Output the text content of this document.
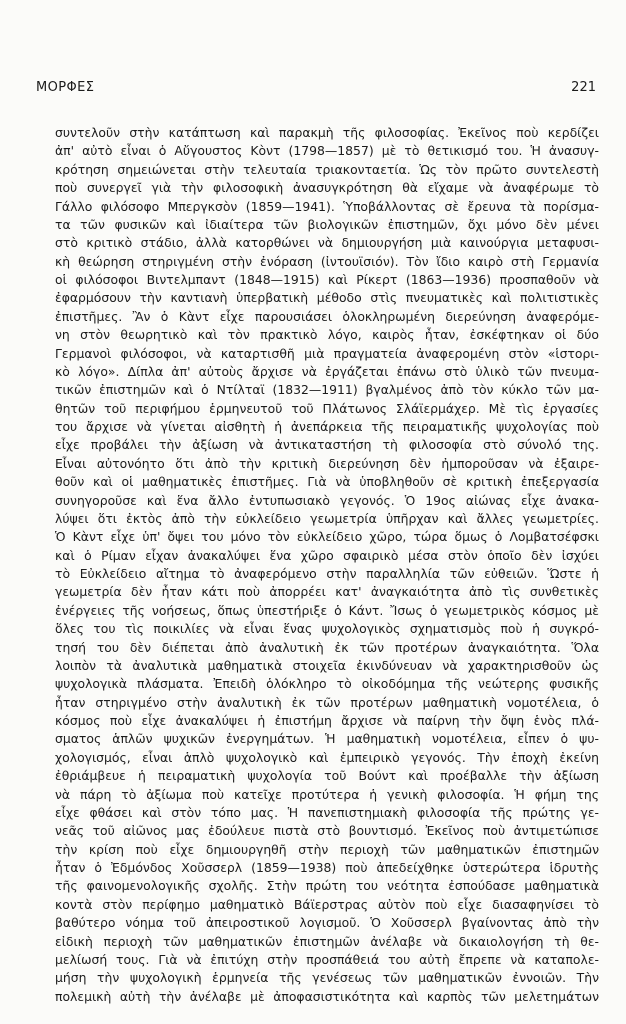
ΜΟΡΦΕΣ	221
συντελοῦν στὴν κατάπτωση καὶ παρακμὴ τῆς φιλοσοφίας. Ἐκεῖνος ποὺ κερδίζει
ἀπ' αὐτὸ εἶναι ὁ Αὔγουστος Κὸντ (1798—1857) μὲ τὸ θετικισμό του. Ἡ ἀνασυγ-
κρότηση σημειώνεται στὴν τελευταία τριακονταετία. Ὡς τὸν πρῶτο συντελεστὴ
ποὺ συνεργεῖ γιὰ τὴν φιλοσοφικὴ ἀνασυγκρότηση θὰ εἴχαμε νὰ ἀναφέρωμε τὸ
Γάλλο φιλόσοφο Μπεργκσὸν (1859—1941). Ὑποβάλλοντας σὲ ἔρευνα τὰ πορίσμα-
τα τῶν φυσικῶν καὶ ἰδιαίτερα τῶν βιολογικῶν ἐπιστημῶν, ὄχι μόνο δὲν μένει
στὸ κριτικὸ στάδιο, ἀλλὰ κατορθώνει νὰ δημιουργήση μιὰ καινούργια μεταφυσι-
κὴ θεώρηση στηριγμένη στὴν ἐνόραση (ἰντουϊσιόν). Τὸν ἴδιο καιρὸ στὴ Γερμανία
οἱ φιλόσοφοι Βιντελμπαντ (1848—1915) καὶ Ρίκερτ (1863—1936) προσπαθοῦν νὰ
ἐφαρμόσουν τὴν καντιανὴ ὑπερβατικὴ μέθοδο στὶς πνευματικὲς καὶ πολιτιστικὲς
ἐπιστῆμες. Ἂν ὁ Κὰντ εἶχε παρουσιάσει ὁλοκληρωμένη διερεύνηση ἀναφερόμε-
νη στὸν θεωρητικὸ καὶ τὸν πρακτικὸ λόγο, καιρὸς ἦταν, ἐσκέφτηκαν οἱ δύο
Γερμανοὶ φιλόσοφοι, νὰ καταρτισθῆ μιὰ πραγματεία ἀναφερομένη στὸν «ἱστορι-
κὸ λόγο». Δίπλα ἀπ' αὐτοὺς ἄρχισε νὰ ἐργάζεται ἐπάνω στὸ ὑλικὸ τῶν πνευμα-
τικῶν ἐπιστημῶν καὶ ὁ Ντίλταϊ (1832—1911) βγαλμένος ἀπὸ τὸν κύκλο τῶν μα-
θητῶν τοῦ περιφήμου ἑρμηνευτοῦ τοῦ Πλάτωνος Σλάϊερμάχερ. Μὲ τὶς ἐργασίες
του ἄρχισε νὰ γίνεται αἰσθητὴ ἡ ἀνεπάρκεια τῆς πειραματικῆς ψυχολογίας ποὺ
εἶχε προβάλει τὴν ἀξίωση νὰ ἀντικαταστήση τὴ φιλοσοφία στὸ σύνολό της.
Εἶναι αὐτονόητο ὅτι ἀπὸ τὴν κριτικὴ διερεύνηση δὲν ἠμποροῦσαν νὰ ἐξαιρε-
θοῦν καὶ οἱ μαθηματικὲς ἐπιστῆμες. Γιὰ νὰ ὑποβληθοῦν σὲ κριτικὴ ἐπεξεργασία
συνηγοροῦσε καὶ ἕνα ἄλλο ἐντυπωσιακὸ γεγονός. Ὁ 19ος αἰώνας εἶχε ἀνακα-
λύψει ὅτι ἐκτὸς ἀπὸ τὴν εὐκλείδειο γεωμετρία ὑπῆρχαν καὶ ἄλλες γεωμετρίες.
Ὁ Κὰντ εἶχε ὑπ' ὄψει του μόνο τὸν εὐκλείδειο χῶρο, τώρα ὅμως ὁ Λομβατσέφσκι
καὶ ὁ Ρίμαν εἶχαν ἀνακαλύψει ἕνα χῶρο σφαιρικὸ μέσα στὸν ὁποῖο δὲν ἰσχύει
τὸ Εὐκλείδειο αἴτημα τὸ ἀναφερόμενο στὴν παραλληλία τῶν εὐθειῶν. Ὥστε ἡ
γεωμετρία δὲν ἦταν κάτι ποὺ ἀπορρέει κατ' ἀναγκαιότητα ἀπὸ τὶς συνθετικὲς
ἐνέργειες τῆς νοήσεως, ὅπως ὑπεστήριξε ὁ Κάντ. Ἴσως ὁ γεωμετρικὸς κόσμος μὲ
ὅλες του τὶς ποικιλίες νὰ εἶναι ἕνας ψυχολογικὸς σχηματισμὸς ποὺ ἡ συγκρό-
τησή του δὲν διέπεται ἀπὸ ἀναλυτικὴ ἐκ τῶν προτέρων ἀναγκαιότητα. Ὅλα
λοιπὸν τὰ ἀναλυτικὰ μαθηματικὰ στοιχεῖα ἐκινδύνευαν νὰ χαρακτηρισθοῦν ὡς
ψυχολογικὰ πλάσματα. Ἐπειδὴ ὁλόκληρο τὸ οἰκοδόμημα τῆς νεώτερης φυσικῆς
ἦταν στηριγμένο στὴν ἀναλυτικὴ ἐκ τῶν προτέρων μαθηματικὴ νομοτέλεια, ὁ
κόσμος ποὺ εἶχε ἀνακαλύψει ἡ ἐπιστήμη ἄρχισε νὰ παίρνη τὴν ὄψη ἑνὸς πλά-
σματος ἁπλῶν ψυχικῶν ἐνεργημάτων. Ἡ μαθηματικὴ νομοτέλεια, εἶπεν ὁ ψυ-
χολογισμός, εἶναι ἁπλὸ ψυχολογικὸ καὶ ἐμπειρικὸ γεγονός. Τὴν ἐποχὴ ἐκείνη
ἐθριάμβευε ἡ πειραματικὴ ψυχολογία τοῦ Βούντ καὶ προέβαλλε τὴν ἀξίωση
νὰ πάρη τὸ ἀξίωμα ποὺ κατεῖχε προτύτερα ἡ γενικὴ φιλοσοφία. Ἡ φήμη της
εἶχε φθάσει καὶ στὸν τόπο μας. Ἡ πανεπιστημιακὴ φιλοσοφία τῆς πρώτης γε-
νεᾶς τοῦ αἰῶνος μας ἐδούλευε πιστὰ στὸ βουντισμό. Ἐκεῖνος ποὺ ἀντιμετώπισε
τὴν κρίση ποὺ εἶχε δημιουργηθῆ στὴν περιοχὴ τῶν μαθηματικῶν ἐπιστημῶν
ἦταν ὁ Ἐδμόνδος Χοῦσσερλ (1859—1938) ποὺ ἀπεδείχθηκε ὑστερώτερα ἱδρυτὴς
τῆς φαινομενολογικῆς σχολῆς. Στὴν πρώτη του νεότητα ἐσπούδασε μαθηματικὰ
κοντὰ στὸν περίφημο μαθηματικὸ Βάϊερστρας αὐτὸν ποὺ εἶχε διασαφηνίσει τὸ
βαθύτερο νόημα τοῦ ἀπειροστικοῦ λογισμοῦ. Ὁ Χοῦσσερλ βγαίνοντας ἀπὸ τὴν
εἰδικὴ περιοχὴ τῶν μαθηματικῶν ἐπιστημῶν ἀνέλαβε νὰ δικαιολογήση τὴ θε-
μελίωσή τους. Γιὰ νὰ ἐπιτύχη στὴν προσπάθειά του αὐτὴ ἔπρεπε νὰ καταπολε-
μήση τὴν ψυχολογικὴ ἑρμηνεία τῆς γενέσεως τῶν μαθηματικῶν ἐννοιῶν. Τὴν
πολεμικὴ αὐτὴ τὴν ἀνέλαβε μὲ ἀποφασιστικότητα καὶ καρπὸς τῶν μελετημάτων
